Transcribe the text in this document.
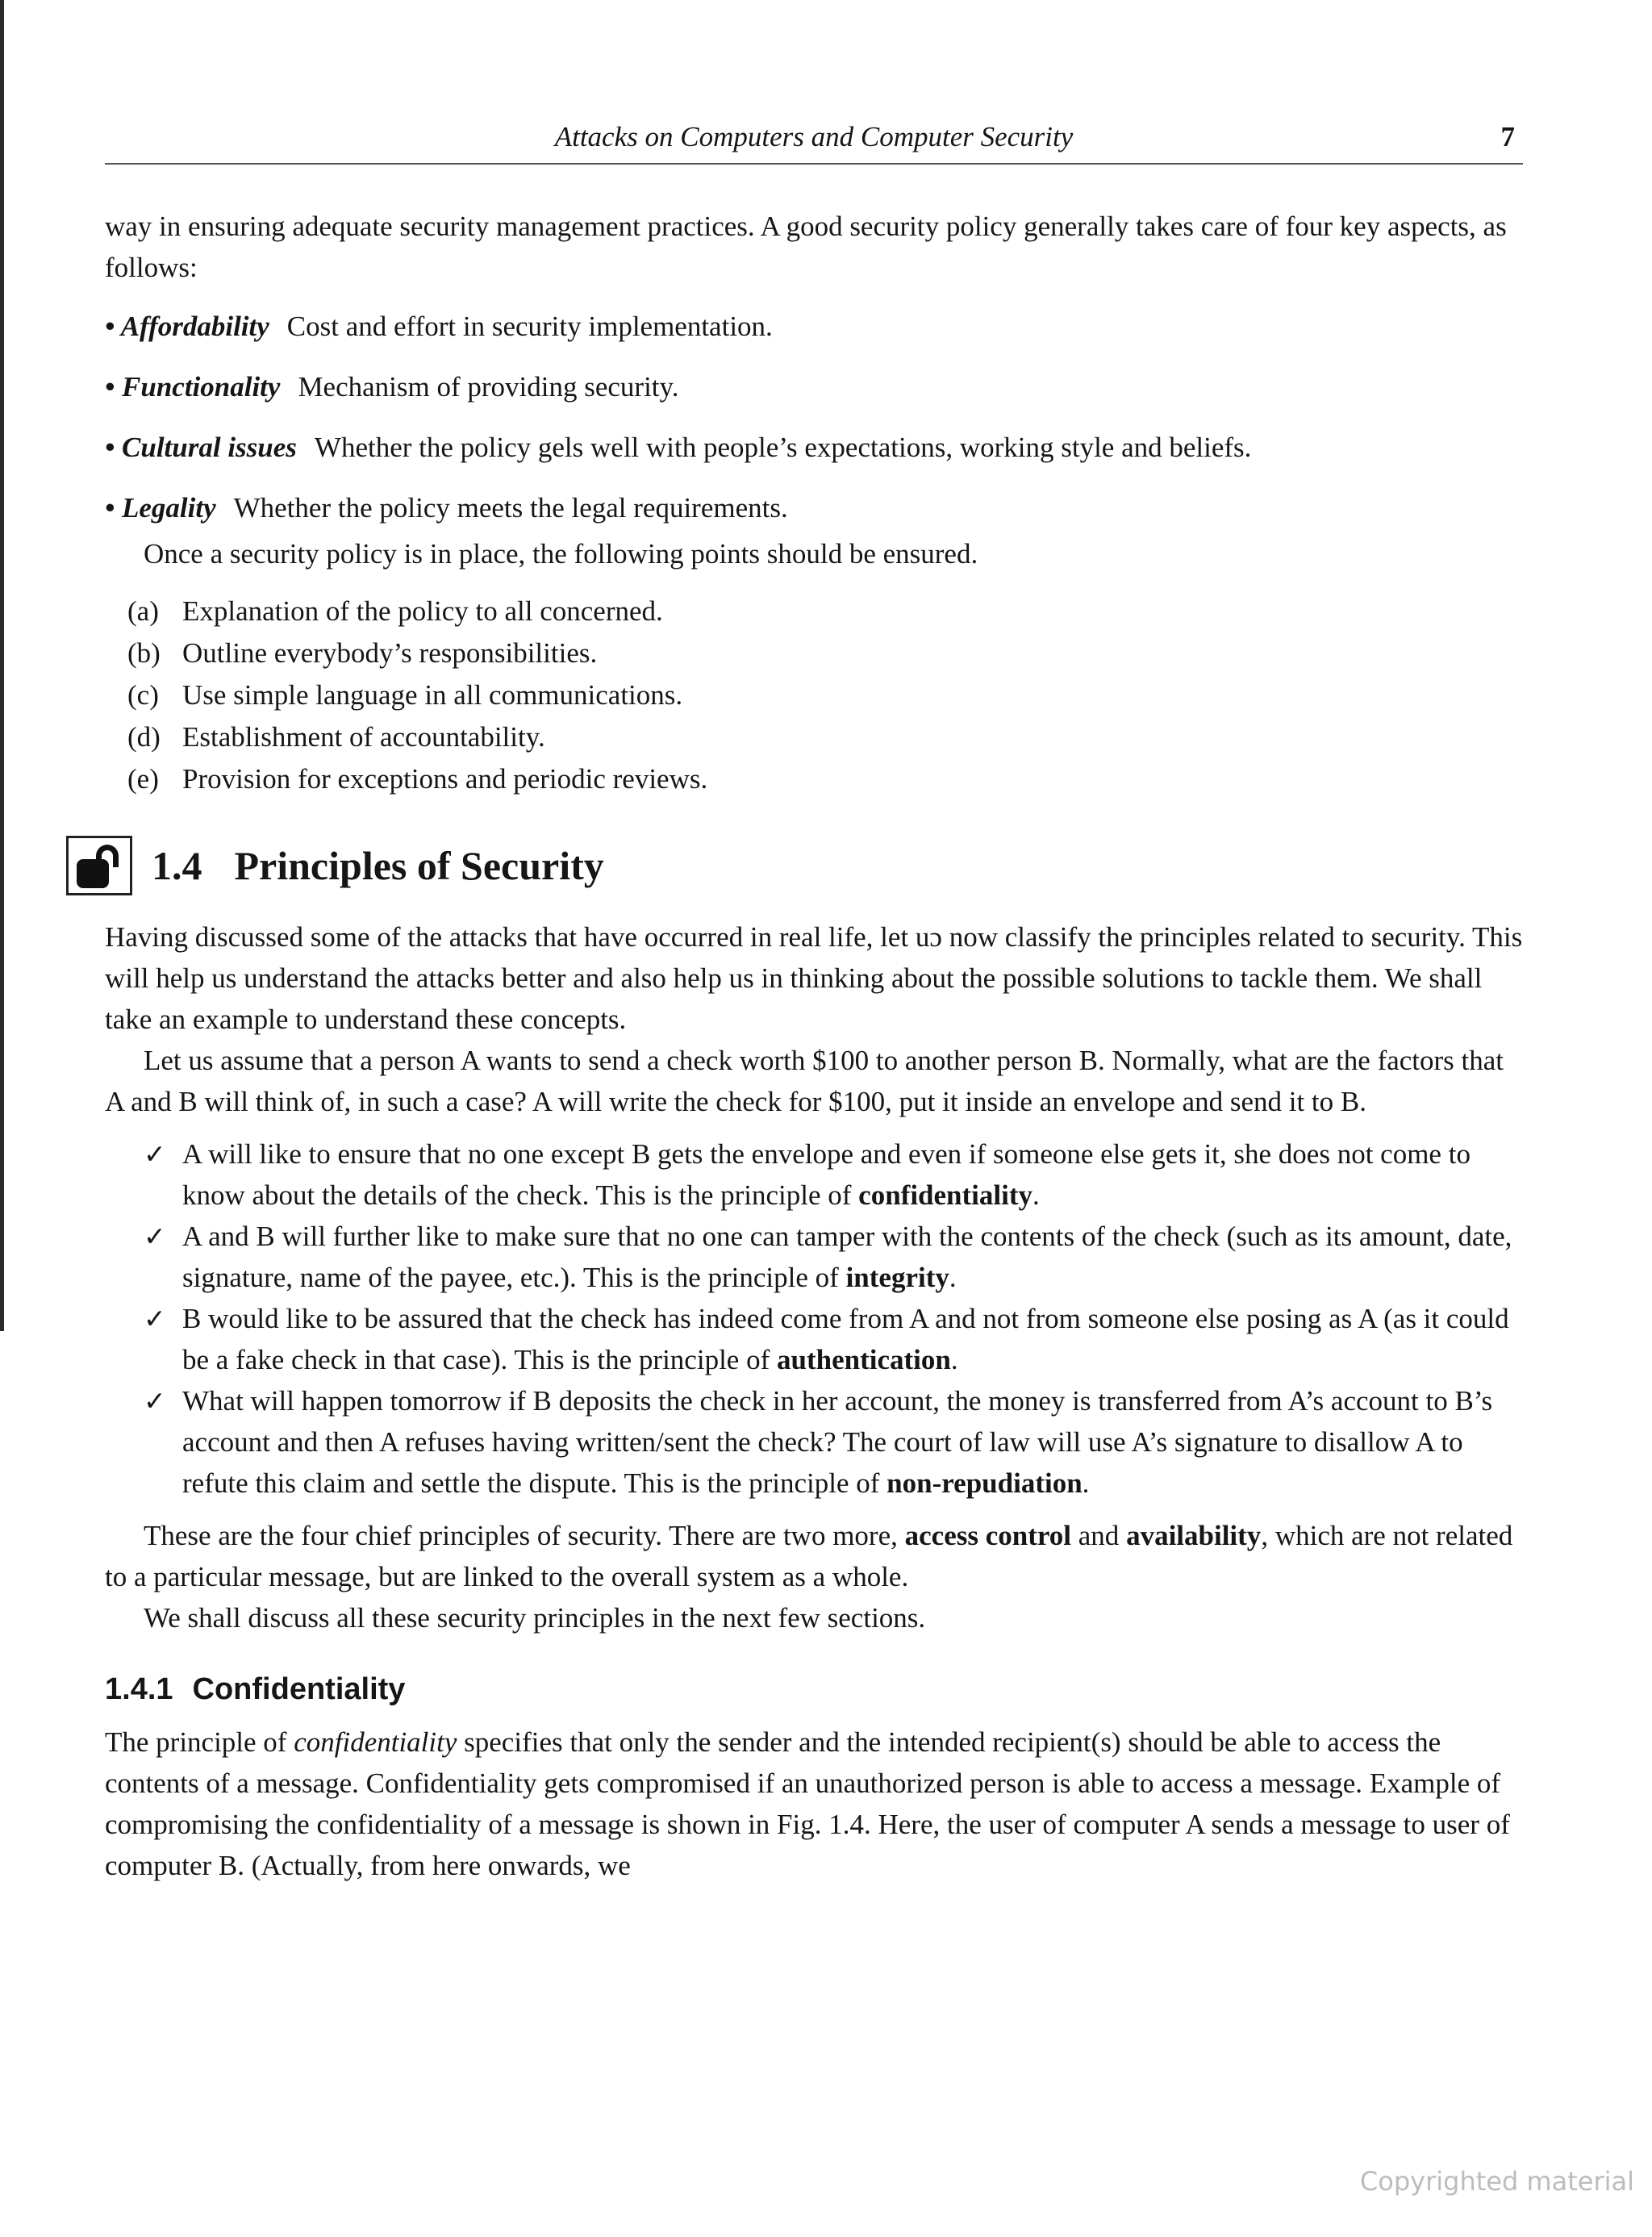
Attacks on Computers and Computer Security	7

way in ensuring adequate security management practices. A good security policy generally takes care of four key aspects, as follows:

• Affordability Cost and effort in security implementation.
• Functionality Mechanism of providing security.
• Cultural issues Whether the policy gels well with people’s expectations, working style and beliefs.
• Legality Whether the policy meets the legal requirements.

Once a security policy is in place, the following points should be ensured.

(a) Explanation of the policy to all concerned.
(b) Outline everybody’s responsibilities.
(c) Use simple language in all communications.
(d) Establishment of accountability.
(e) Provision for exceptions and periodic reviews.
1.4 Principles of Security

Having discussed some of the attacks that have occurred in real life, let uɔ now classify the principles related to security. This will help us understand the attacks better and also help us in thinking about the possible solutions to tackle them. We shall take an example to understand these concepts.

Let us assume that a person A wants to send a check worth $100 to another person B. Normally, what are the factors that A and B will think of, in such a case? A will write the check for $100, put it inside an envelope and send it to B.

✓ A will like to ensure that no one except B gets the envelope and even if someone else gets it, she does not come to know about the details of the check. This is the principle of confidentiality.
✓ A and B will further like to make sure that no one can tamper with the contents of the check (such as its amount, date, signature, name of the payee, etc.). This is the principle of integrity.
✓ B would like to be assured that the check has indeed come from A and not from someone else posing as A (as it could be a fake check in that case). This is the principle of authentication.
✓ What will happen tomorrow if B deposits the check in her account, the money is transferred from A’s account to B’s account and then A refuses having written/sent the check? The court of law will use A’s signature to disallow A to refute this claim and settle the dispute. This is the principle of non-repudiation.

These are the four chief principles of security. There are two more, access control and availability, which are not related to a particular message, but are linked to the overall system as a whole.

We shall discuss all these security principles in the next few sections.

1.4.1 Confidentiality

The principle of confidentiality specifies that only the sender and the intended recipient(s) should be able to access the contents of a message. Confidentiality gets compromised if an unauthorized person is able to access a message. Example of compromising the confidentiality of a message is shown in Fig. 1.4. Here, the user of computer A sends a message to user of computer B. (Actually, from here onwards, we

Copyrighted material
